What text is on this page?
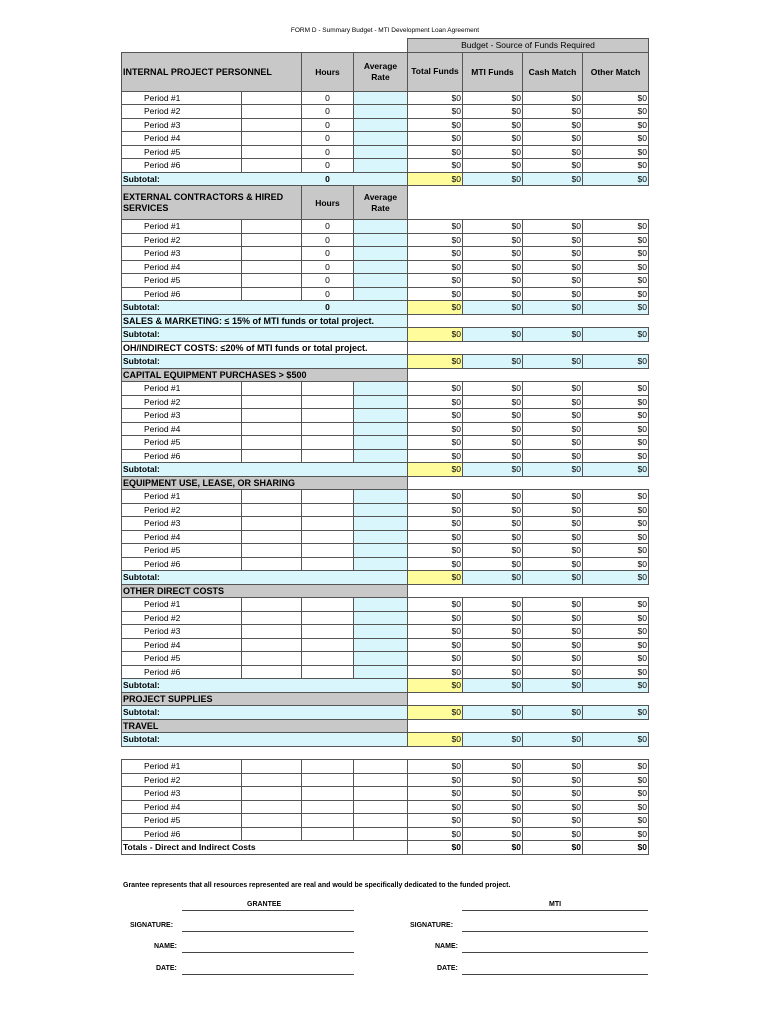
FORM D - Summary Budget - MTI Development Loan Agreement
				Budget - Source of Funds Required			
INTERNAL PROJECT PERSONNEL		Hours	Average Rate	Total Funds	MTI Funds	Cash Match	Other Match
Period #1		0		$0	$0	$0	$0
Period #2		0		$0	$0	$0	$0
Period #3		0		$0	$0	$0	$0
Period #4		0		$0	$0	$0	$0
Period #5		0		$0	$0	$0	$0
Period #6		0		$0	$0	$0	$0
Subtotal:		0		$0	$0	$0	$0
EXTERNAL CONTRACTORS & HIRED SERVICES		Hours	Average Rate				
Period #1		0		$0	$0	$0	$0
Period #2		0		$0	$0	$0	$0
Period #3		0		$0	$0	$0	$0
Period #4		0		$0	$0	$0	$0
Period #5		0		$0	$0	$0	$0
Period #6		0		$0	$0	$0	$0
Subtotal:		0		$0	$0	$0	$0
SALES & MARKETING: ≤ 15% of MTI funds or total project.							
Subtotal:				$0	$0	$0	$0
OH/INDIRECT COSTS: ≤20% of MTI funds or total project.							
Subtotal:				$0	$0	$0	$0
CAPITAL EQUIPMENT PURCHASES > $500							
Period #1				$0	$0	$0	$0
Period #2				$0	$0	$0	$0
Period #3				$0	$0	$0	$0
Period #4				$0	$0	$0	$0
Period #5				$0	$0	$0	$0
Period #6				$0	$0	$0	$0
Subtotal:				$0	$0	$0	$0
EQUIPMENT USE, LEASE, OR SHARING							
Period #1				$0	$0	$0	$0
Period #2				$0	$0	$0	$0
Period #3				$0	$0	$0	$0
Period #4				$0	$0	$0	$0
Period #5				$0	$0	$0	$0
Period #6				$0	$0	$0	$0
Subtotal:				$0	$0	$0	$0
OTHER DIRECT COSTS							
Period #1				$0	$0	$0	$0
Period #2				$0	$0	$0	$0
Period #3				$0	$0	$0	$0
Period #4				$0	$0	$0	$0
Period #5				$0	$0	$0	$0
Period #6				$0	$0	$0	$0
Subtotal:				$0	$0	$0	$0
PROJECT SUPPLIES							
Subtotal:				$0	$0	$0	$0
TRAVEL							
Subtotal:				$0	$0	$0	$0

Period #1				$0	$0	$0	$0
Period #2				$0	$0	$0	$0
Period #3				$0	$0	$0	$0
Period #4				$0	$0	$0	$0
Period #5				$0	$0	$0	$0
Period #6				$0	$0	$0	$0
Totals - Direct and Indirect Costs				$0	$0	$0	$0
Grantee represents that all resources represented are real and would be specifically dedicated to the funded project.
GRANTEE	MTI
SIGNATURE:	SIGNATURE:
NAME:	NAME:
DATE:	DATE:
